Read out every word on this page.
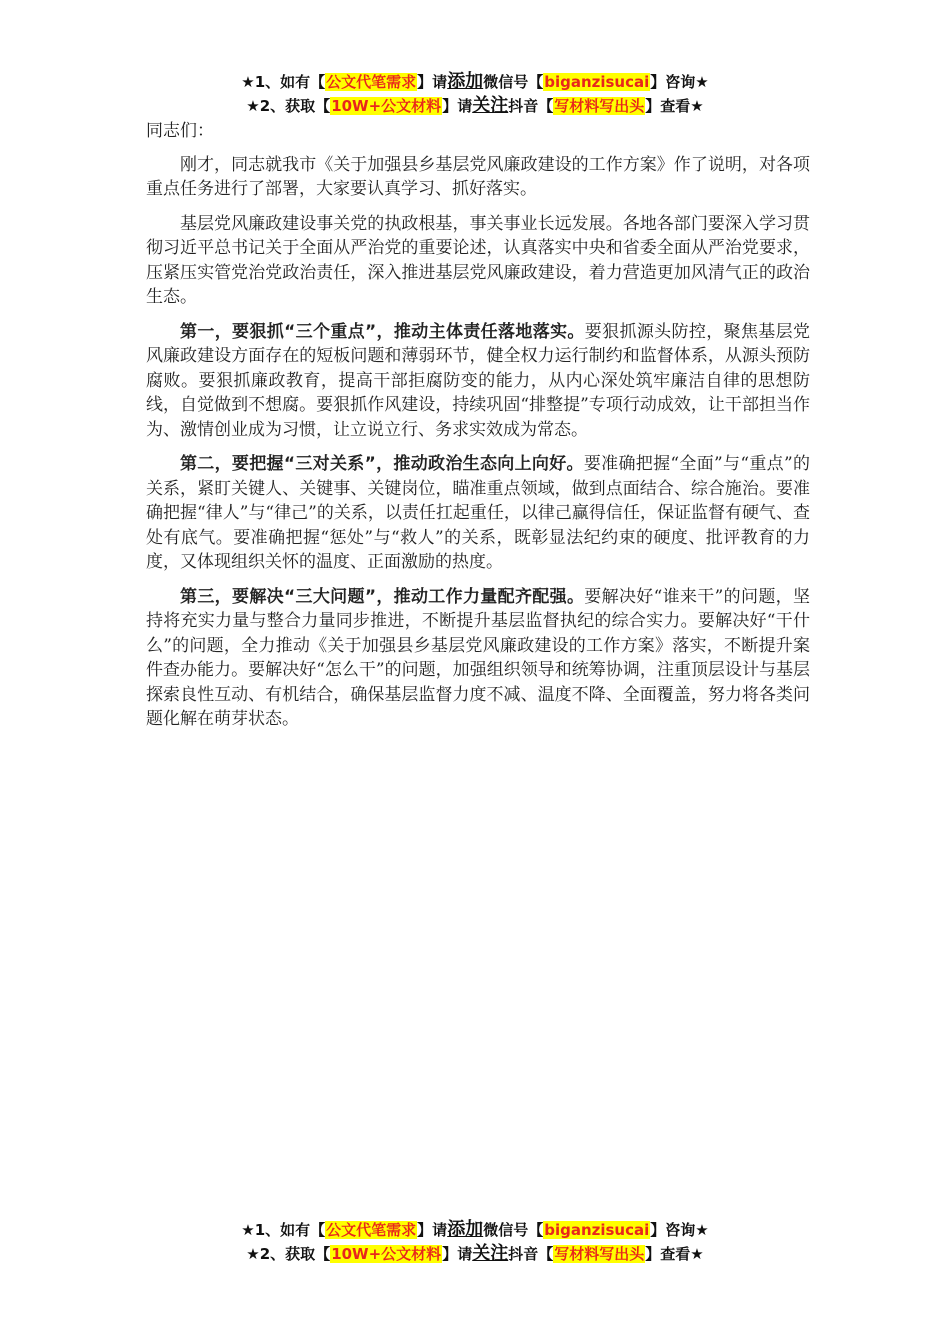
★1、如有【公文代笔需求】请添加微信号【biganzisucai】咨询★
★2、获取【10W+公文材料】请关注抖音【写材料写出头】查看★

同志们：

刚才，同志就我市《关于加强县乡基层党风廉政建设的工作方案》作了说明，对各项重点任务进行了部署，大家要认真学习、抓好落实。

基层党风廉政建设事关党的执政根基，事关事业长远发展。各地各部门要深入学习贯彻习近平总书记关于全面从严治党的重要论述，认真落实中央和省委全面从严治党要求，压紧压实管党治党政治责任，深入推进基层党风廉政建设，着力营造更加风清气正的政治生态。

第一，要狠抓“三个重点”，推动主体责任落地落实。要狠抓源头防控，聚焦基层党风廉政建设方面存在的短板问题和薄弱环节，健全权力运行制约和监督体系，从源头预防腐败。要狠抓廉政教育，提高干部拒腐防变的能力，从内心深处筑牢廉洁自律的思想防线，自觉做到不想腐。要狠抓作风建设，持续巩固“排整提”专项行动成效，让干部担当作为、激情创业成为习惯，让立说立行、务求实效成为常态。

第二，要把握“三对关系”，推动政治生态向上向好。要准确把握“全面”与“重点”的关系，紧盯关键人、关键事、关键岗位，瞄准重点领域，做到点面结合、综合施治。要准确把握“律人”与“律己”的关系，以责任扛起重任，以律己赢得信任，保证监督有硬气、查处有底气。要准确把握“惩处”与“救人”的关系，既彰显法纪约束的硬度、批评教育的力度，又体现组织关怀的温度、正面激励的热度。

第三，要解决“三大问题”，推动工作力量配齐配强。要解决好“谁来干”的问题，坚持将充实力量与整合力量同步推进，不断提升基层监督执纪的综合实力。要解决好“干什么”的问题，全力推动《关于加强县乡基层党风廉政建设的工作方案》落实，不断提升案件查办能力。要解决好“怎么干”的问题，加强组织领导和统筹协调，注重顶层设计与基层探索良性互动、有机结合，确保基层监督力度不减、温度不降、全面覆盖，努力将各类问题化解在萌芽状态。

★1、如有【公文代笔需求】请添加微信号【biganzisucai】咨询★
★2、获取【10W+公文材料】请关注抖音【写材料写出头】查看★
